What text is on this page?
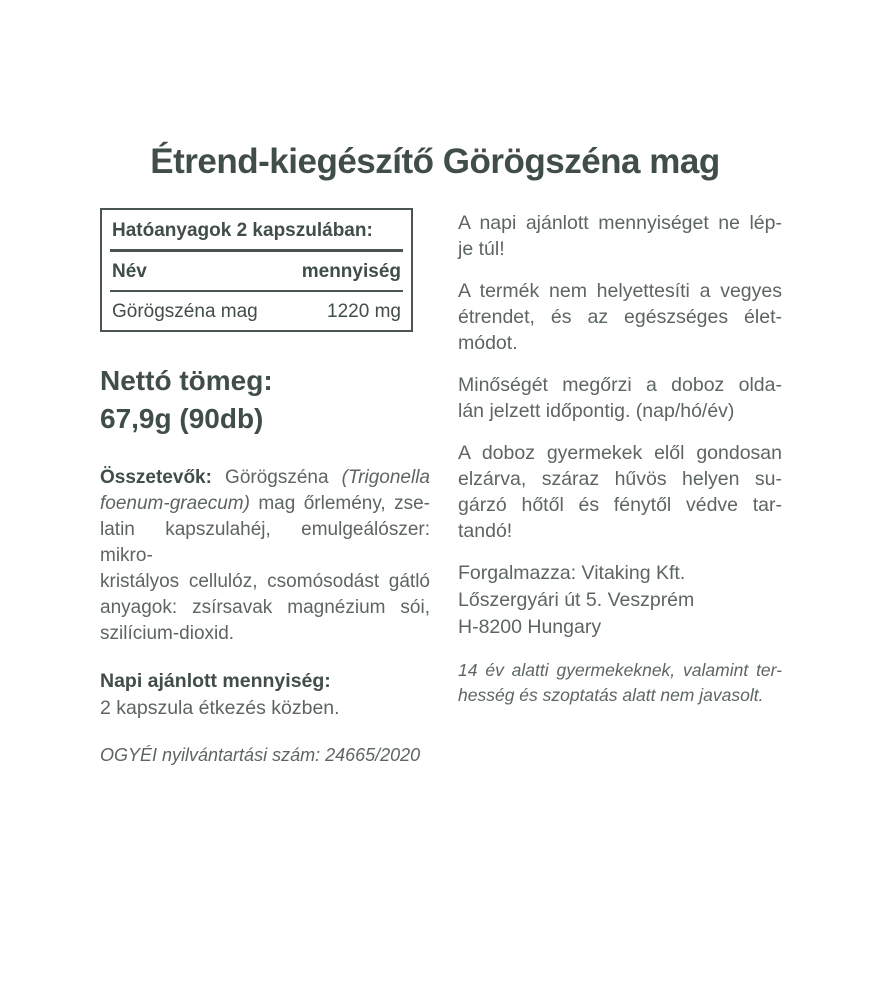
Étrend-kiegészítő Görögszéna mag
Hatóanyagok 2 kapszulában:
Név	mennyiség
Görögszéna mag	1220 mg
Nettó tömeg:
67,9g (90db)

Összetevők: Görögszéna (Trigonella
foenum-graecum) mag őrlemény, zse-
latin kapszulahéj, emulgeálószer: mikro-
kristályos cellulóz, csomósodást gátló
anyagok: zsírsavak magnézium sói,
szilícium-dioxid.

Napi ajánlott mennyiség:
2 kapszula étkezés közben.
OGYÉI nyilvántartási szám: 24665/2020

A napi ajánlott mennyiséget ne lép-
je túl!

A termék nem helyettesíti a vegyes
étrendet, és az egészséges élet-
módot.

Minőségét megőrzi a doboz olda-
lán jelzett időpontig. (nap/hó/év)

A doboz gyermekek elől gondosan
elzárva, száraz hűvös helyen su-
gárzó hőtől és fénytől védve tar-
tandó!

Forgalmazza: Vitaking Kft.
Lőszergyári út 5. Veszprém
H-8200 Hungary

14 év alatti gyermekeknek, valamint ter-
hesség és szoptatás alatt nem javasolt.
